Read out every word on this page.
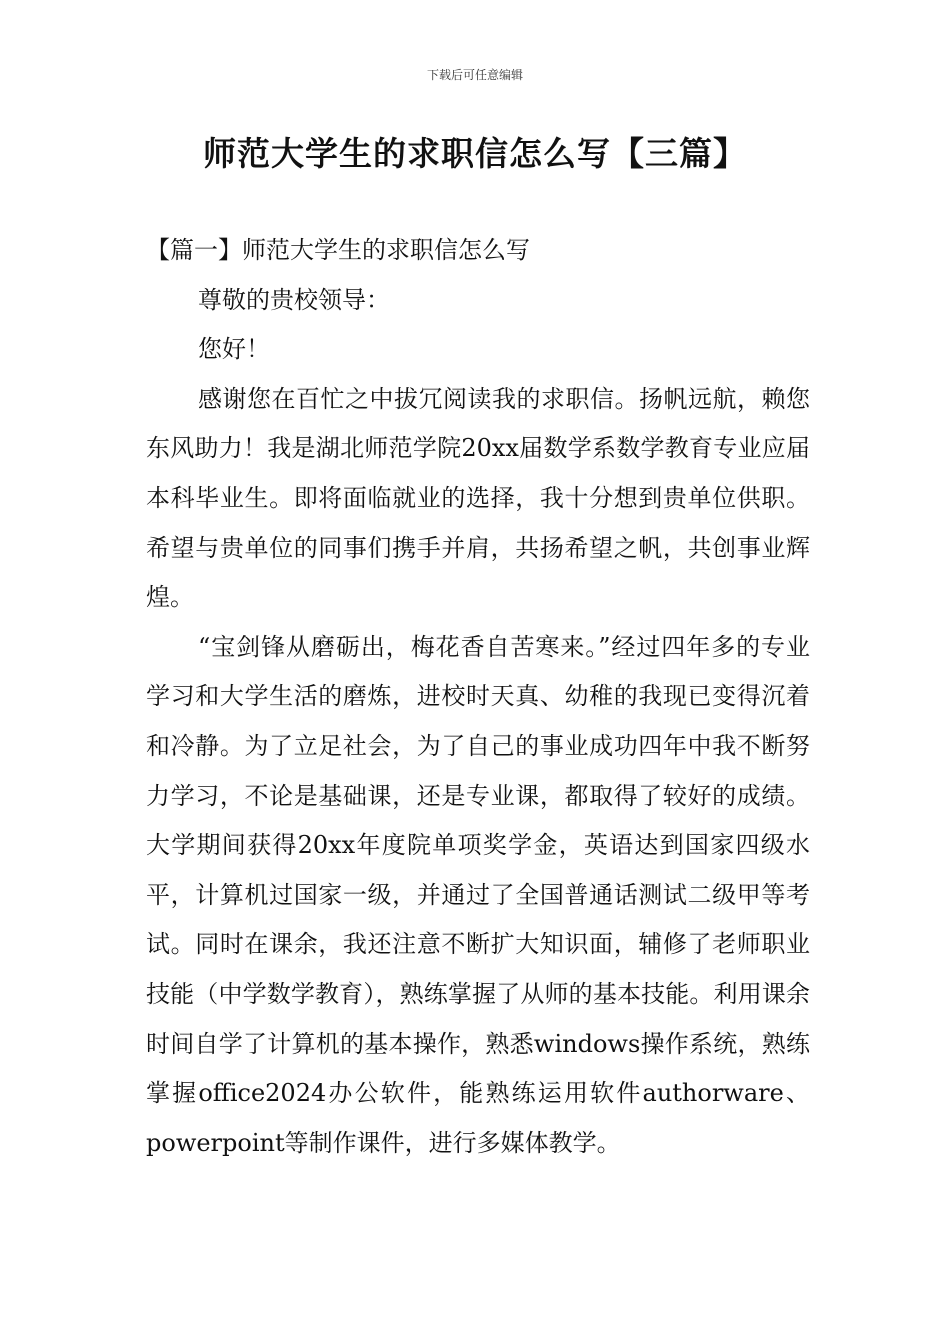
下载后可任意编辑
师范大学生的求职信怎么写【三篇】

【篇一】师范大学生的求职信怎么写

尊敬的贵校领导：

您好！

感谢您在百忙之中拔冗阅读我的求职信。扬帆远航，赖您东风助力！我是湖北师范学院20xx届数学系数学教育专业应届本科毕业生。即将面临就业的选择，我十分想到贵单位供职。希望与贵单位的同事们携手并肩，共扬希望之帆，共创事业辉煌。

“宝剑锋从磨砺出，梅花香自苦寒来。”经过四年多的专业学习和大学生活的磨炼，进校时天真、幼稚的我现已变得沉着和冷静。为了立足社会，为了自己的事业成功四年中我不断努力学习，不论是基础课，还是专业课，都取得了较好的成绩。大学期间获得20xx年度院单项奖学金，英语达到国家四级水平，计算机过国家一级，并通过了全国普通话测试二级甲等考试。同时在课余，我还注意不断扩大知识面，辅修了老师职业技能（中学数学教育），熟练掌握了从师的基本技能。利用课余时间自学了计算机的基本操作，熟悉windows操作系统，熟练掌握office2024办公软件，能熟练运用软件authorware、powerpoint等制作课件，进行多媒体教学。
